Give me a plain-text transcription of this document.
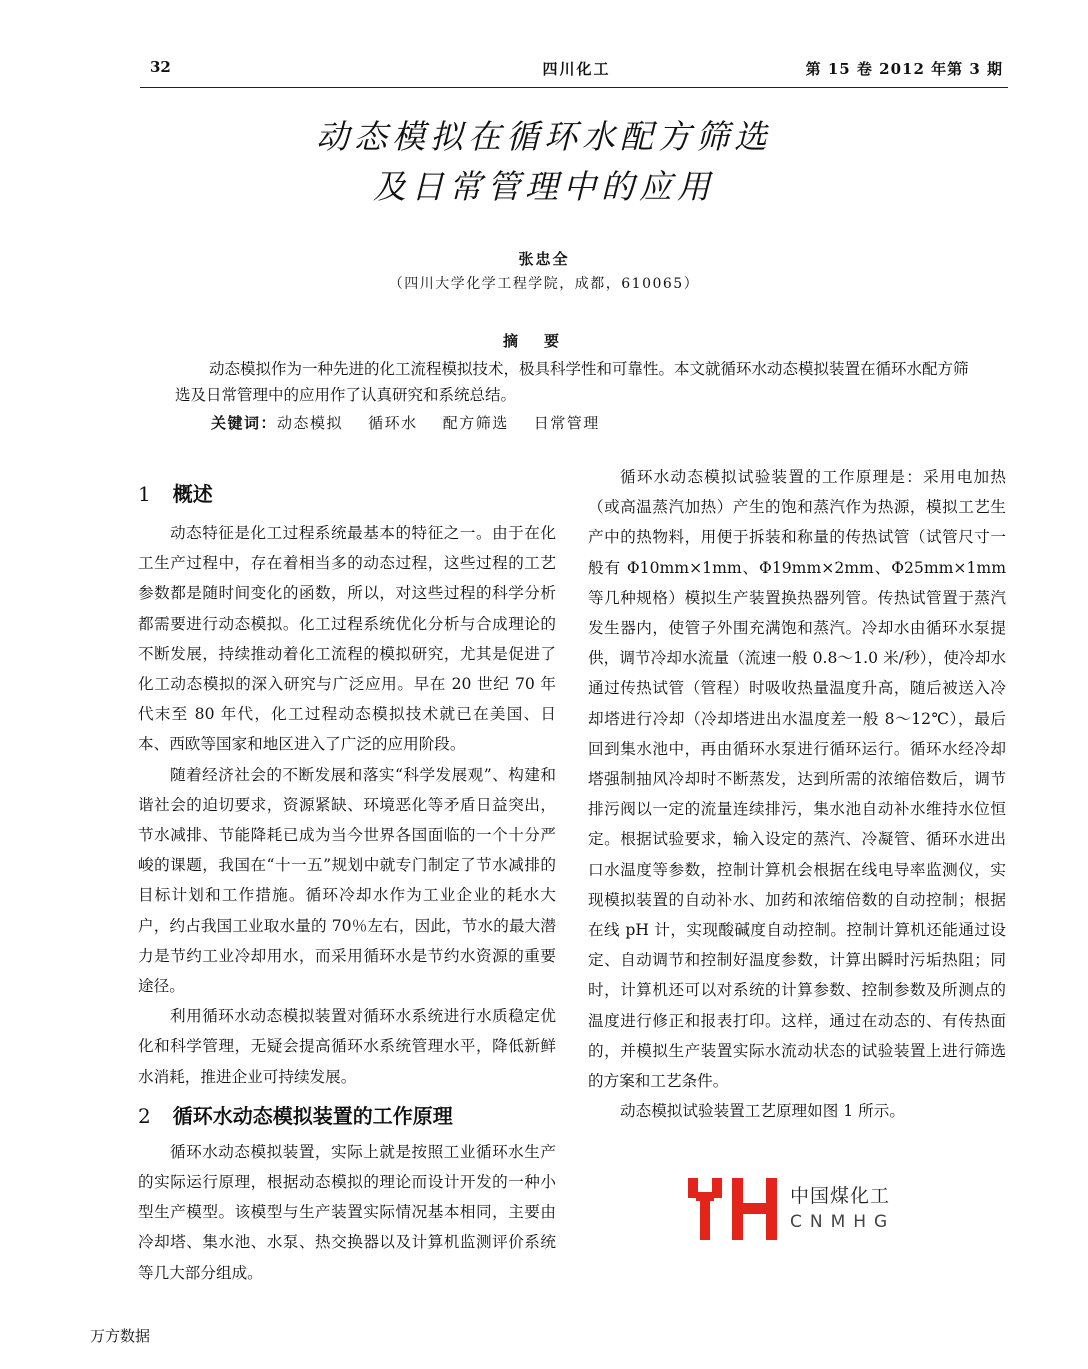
32	四川化工	第 15 卷 2012 年第 3 期
动态模拟在循环水配方筛选
及日常管理中的应用
张忠全
（四川大学化学工程学院，成都，610065）
摘要

动态模拟作为一种先进的化工流程模拟技术，极具科学性和可靠性。本文就循环水动态模拟装置在循环水配方筛选及日常管理中的应用作了认真研究和系统总结。

关键词：动态模拟 循环水 配方筛选 日常管理
1 概述

动态特征是化工过程系统最基本的特征之一。由于在化工生产过程中，存在着相当多的动态过程，这些过程的工艺参数都是随时间变化的函数，所以，对这些过程的科学分析都需要进行动态模拟。化工过程系统优化分析与合成理论的不断发展，持续推动着化工流程的模拟研究，尤其是促进了化工动态模拟的深入研究与广泛应用。早在 20 世纪 70 年代末至 80 年代，化工过程动态模拟技术就已在美国、日本、西欧等国家和地区进入了广泛的应用阶段。

随着经济社会的不断发展和落实“科学发展观”、构建和谐社会的迫切要求，资源紧缺、环境恶化等矛盾日益突出，节水减排、节能降耗已成为当今世界各国面临的一个十分严峻的课题，我国在“十一五”规划中就专门制定了节水减排的目标计划和工作措施。循环冷却水作为工业企业的耗水大户，约占我国工业取水量的 70％左右，因此，节水的最大潜力是节约工业冷却用水，而采用循环水是节约水资源的重要途径。

利用循环水动态模拟装置对循环水系统进行水质稳定优化和科学管理，无疑会提高循环水系统管理水平，降低新鲜水消耗，推进企业可持续发展。

2 循环水动态模拟装置的工作原理

循环水动态模拟装置，实际上就是按照工业循环水生产的实际运行原理，根据动态模拟的理论而设计开发的一种小型生产模型。该模型与生产装置实际情况基本相同，主要由冷却塔、集水池、水泵、热交换器以及计算机监测评价系统等几大部分组成。

循环水动态模拟试验装置的工作原理是：采用电加热（或高温蒸汽加热）产生的饱和蒸汽作为热源，模拟工艺生产中的热物料，用便于拆装和称量的传热试管（试管尺寸一般有 Φ10mm×1mm、Φ19mm×2mm、Φ25mm×1mm 等几种规格）模拟生产装置换热器列管。传热试管置于蒸汽发生器内，使管子外围充满饱和蒸汽。冷却水由循环水泵提供，调节冷却水流量（流速一般 0.8～1.0 米/秒），使冷却水通过传热试管（管程）时吸收热量温度升高，随后被送入冷却塔进行冷却（冷却塔进出水温度差一般 8～12℃），最后回到集水池中，再由循环水泵进行循环运行。循环水经冷却塔强制抽风冷却时不断蒸发，达到所需的浓缩倍数后，调节排污阀以一定的流量连续排污，集水池自动补水维持水位恒定。根据试验要求，输入设定的蒸汽、冷凝管、循环水进出口水温度等参数，控制计算机会根据在线电导率监测仪，实现模拟装置的自动补水、加药和浓缩倍数的自动控制；根据在线 pH 计，实现酸碱度自动控制。控制计算机还能通过设定、自动调节和控制好温度参数，计算出瞬时污垢热阻；同时，计算机还可以对系统的计算参数、控制参数及所测点的温度进行修正和报表打印。这样，通过在动态的、有传热面的，并模拟生产装置实际水流动状态的试验装置上进行筛选的方案和工艺条件。

动态模拟试验装置工艺原理如图 1 所示。

中国煤化工
CNMHG
万方数据
